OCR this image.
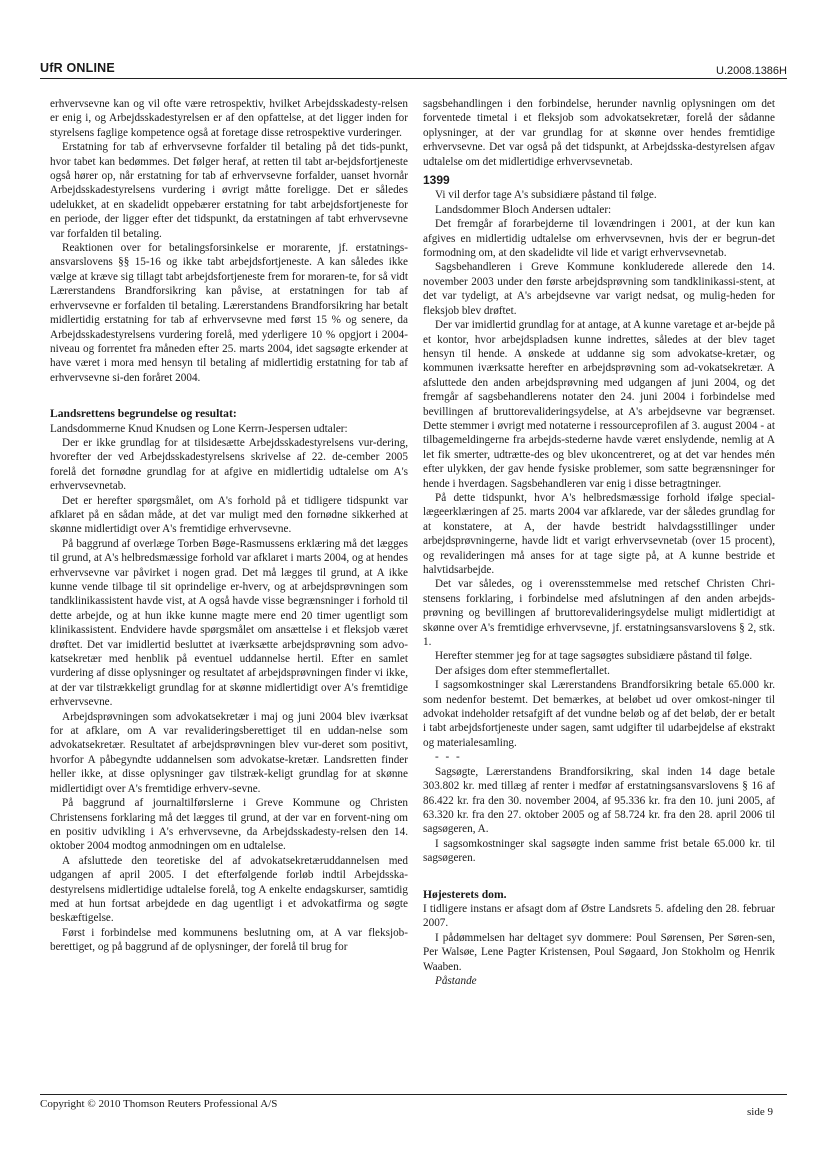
UfR ONLINE	U.2008.1386H

erhvervsevne kan og vil ofte være retrospektiv, hvilket Arbejdsskadesty-relsen er enig i, og Arbejdsskadestyrelsen er af den opfattelse, at det ligger inden for styrelsens faglige kompetence også at foretage disse retrospektive vurderinger.

Erstatning for tab af erhvervsevne forfalder til betaling på det tids-punkt, hvor tabet kan bedømmes. Det følger heraf, at retten til tabt ar-bejdsfortjeneste også hører op, når erstatning for tab af erhvervsevne forfalder, uanset hvornår Arbejdsskadestyrelsens vurdering i øvrigt måtte foreligge. Det er således udelukket, at en skadelidt oppebærer erstatning for tabt arbejdsfortjeneste for en periode, der ligger efter det tidspunkt, da erstatningen af tabt erhvervsevne var forfalden til betaling.

Reaktionen over for betalingsforsinkelse er morarente, jf. erstatnings-ansvarslovens §§ 15-16 og ikke tabt arbejdsfortjeneste. A kan således ikke vælge at kræve sig tillagt tabt arbejdsfortjeneste frem for moraren-te, for så vidt Lærerstandens Brandforsikring kan påvise, at erstatningen for tab af erhvervsevne er forfalden til betaling. Lærerstandens Brandforsikring har betalt midlertidig erstatning for tab af erhvervsevne med først 15 % og senere, da Arbejdsskadestyrelsens vurdering forelå, med yderligere 10 % opgjort i 2004-niveau og forrentet fra måneden efter 25. marts 2004, idet sagsøgte erkender at have været i mora med hensyn til betaling af midlertidig erstatning for tab af erhvervsevne si-den foråret 2004.

Landsrettens begrundelse og resultat:

Landsdommerne Knud Knudsen og Lone Kerrn-Jespersen udtaler:

Der er ikke grundlag for at tilsidesætte Arbejdsskadestyrelsens vur-dering, hvorefter der ved Arbejdsskadestyrelsens skrivelse af 22. de-cember 2005 forelå det fornødne grundlag for at afgive en midlertidig udtalelse om A's erhvervsevnetab.

Det er herefter spørgsmålet, om A's forhold på et tidligere tidspunkt var afklaret på en sådan måde, at det var muligt med den fornødne sikkerhed at skønne midlertidigt over A's fremtidige erhvervsevne.

På baggrund af overlæge Torben Bøge-Rasmussens erklæring må det lægges til grund, at A's helbredsmæssige forhold var afklaret i marts 2004, og at hendes erhvervsevne var påvirket i nogen grad. Det må lægges til grund, at A ikke kunne vende tilbage til sit oprindelige er-hverv, og at arbejdsprøvningen som tandklinikassistent havde vist, at A også havde visse begrænsninger i forhold til dette arbejde, og at hun ikke kunne magte mere end 20 timer ugentligt som klinikassistent. Endvidere havde spørgsmålet om ansættelse i et fleksjob været drøftet. Det var imidlertid besluttet at iværksætte arbejdsprøvning som advo-katsekretær med henblik på eventuel uddannelse hertil. Efter en samlet vurdering af disse oplysninger og resultatet af arbejdsprøvningen finder vi ikke, at der var tilstrækkeligt grundlag for at skønne midlertidigt over A's fremtidige erhvervsevne.

Arbejdsprøvningen som advokatsekretær i maj og juni 2004 blev iværksat for at afklare, om A var revalideringsberettiget til en uddan-nelse som advokatsekretær. Resultatet af arbejdsprøvningen blev vur-deret som positivt, hvorfor A påbegyndte uddannelsen som advokatse-kretær. Landsretten finder heller ikke, at disse oplysninger gav tilstræk-keligt grundlag for at skønne midlertidigt over A's fremtidige erhverv-sevne.

På baggrund af journaltilførslerne i Greve Kommune og Christen Christensens forklaring må det lægges til grund, at der var en forvent-ning om en positiv udvikling i A's erhvervsevne, da Arbejdsskadesty-relsen den 14. oktober 2004 modtog anmodningen om en udtalelse.

A afsluttede den teoretiske del af advokatsekretæruddannelsen med udgangen af april 2005. I det efterfølgende forløb indtil Arbejdsska-destyrelsens midlertidige udtalelse forelå, tog A enkelte endagskurser, samtidig med at hun fortsat arbejdede en dag ugentligt i et advokatfirma og søgte beskæftigelse.

Først i forbindelse med kommunens beslutning om, at A var fleksjob-berettiget, og på baggrund af de oplysninger, der forelå til brug for

sagsbehandlingen i den forbindelse, herunder navnlig oplysningen om det forventede timetal i et fleksjob som advokatsekretær, forelå der sådanne oplysninger, at der var grundlag for at skønne over hendes fremtidige erhvervsevne. Det var også på det tidspunkt, at Arbejdsska-destyrelsen afgav udtalelse om det midlertidige erhvervsevnetab.

1399

Vi vil derfor tage A's subsidiære påstand til følge.

Landsdommer Bloch Andersen udtaler:

Det fremgår af forarbejderne til lovændringen i 2001, at der kun kan afgives en midlertidig udtalelse om erhvervsevnen, hvis der er begrun-det formodning om, at den skadelidte vil lide et varigt erhvervsevnetab.

Sagsbehandleren i Greve Kommune konkluderede allerede den 14. november 2003 under den første arbejdsprøvning som tandklinikassi-stent, at det var tydeligt, at A's arbejdsevne var varigt nedsat, og mulig-heden for fleksjob blev drøftet.

Der var imidlertid grundlag for at antage, at A kunne varetage et ar-bejde på et kontor, hvor arbejdspladsen kunne indrettes, således at der blev taget hensyn til hende. A ønskede at uddanne sig som advokatse-kretær, og kommunen iværksatte herefter en arbejdsprøvning som ad-vokatsekretær. A afsluttede den anden arbejdsprøvning med udgangen af juni 2004, og det fremgår af sagsbehandlerens notater den 24. juni 2004 i forbindelse med bevillingen af bruttorevalideringsydelse, at A's arbejdsevne var begrænset. Dette stemmer i øvrigt med notaterne i ressourceprofilen af 3. august 2004 - at tilbagemeldingerne fra arbejds-stederne havde været enslydende, nemlig at A let fik smerter, udtrætte-des og blev ukoncentreret, og at det var hendes mén efter ulykken, der gav hende fysiske problemer, som satte begrænsninger for hende i hverdagen. Sagsbehandleren var enig i disse betragtninger.

På dette tidspunkt, hvor A's helbredsmæssige forhold ifølge special-lægeerklæringen af 25. marts 2004 var afklarede, var der således grundlag for at konstatere, at A, der havde bestridt halvdagsstillinger under arbejdsprøvningerne, havde lidt et varigt erhvervsevnetab (over 15 procent), og revalideringen må anses for at tage sigte på, at A kunne bestride et halvtidsarbejde.

Det var således, og i overensstemmelse med retschef Christen Chri-stensens forklaring, i forbindelse med afslutningen af den anden arbejds-prøvning og bevillingen af bruttorevalideringsydelse muligt midlertidigt at skønne over A's fremtidige erhvervsevne, jf. erstatningsansvarslovens § 2, stk. 1.

Herefter stemmer jeg for at tage sagsøgtes subsidiære påstand til følge.

Der afsiges dom efter stemmeflertallet.

I sagsomkostninger skal Lærerstandens Brandforsikring betale 65.000 kr. som nedenfor bestemt. Det bemærkes, at beløbet ud over omkost-ninger til advokat indeholder retsafgift af det vundne beløb og af det beløb, der er betalt i tabt arbejdsfortjeneste under sagen, samt udgifter til udarbejdelse af ekstrakt og materialesamling.

- - -

Sagsøgte, Lærerstandens Brandforsikring, skal inden 14 dage betale 303.802 kr. med tillæg af renter i medfør af erstatningsansvarslovens § 16 af 86.422 kr. fra den 30. november 2004, af 95.336 kr. fra den 10. juni 2005, af 63.320 kr. fra den 27. oktober 2005 og af 58.724 kr. fra den 28. april 2006 til sagsøgeren, A.

I sagsomkostninger skal sagsøgte inden samme frist betale 65.000 kr. til sagsøgeren.

Højesterets dom.

I tidligere instans er afsagt dom af Østre Landsrets 5. afdeling den 28. februar 2007.

I pådømmelsen har deltaget syv dommere: Poul Sørensen, Per Søren-sen, Per Walsøe, Lene Pagter Kristensen, Poul Søgaard, Jon Stokholm og Henrik Waaben.

Påstande

Copyright © 2010 Thomson Reuters Professional A/S
side 9
